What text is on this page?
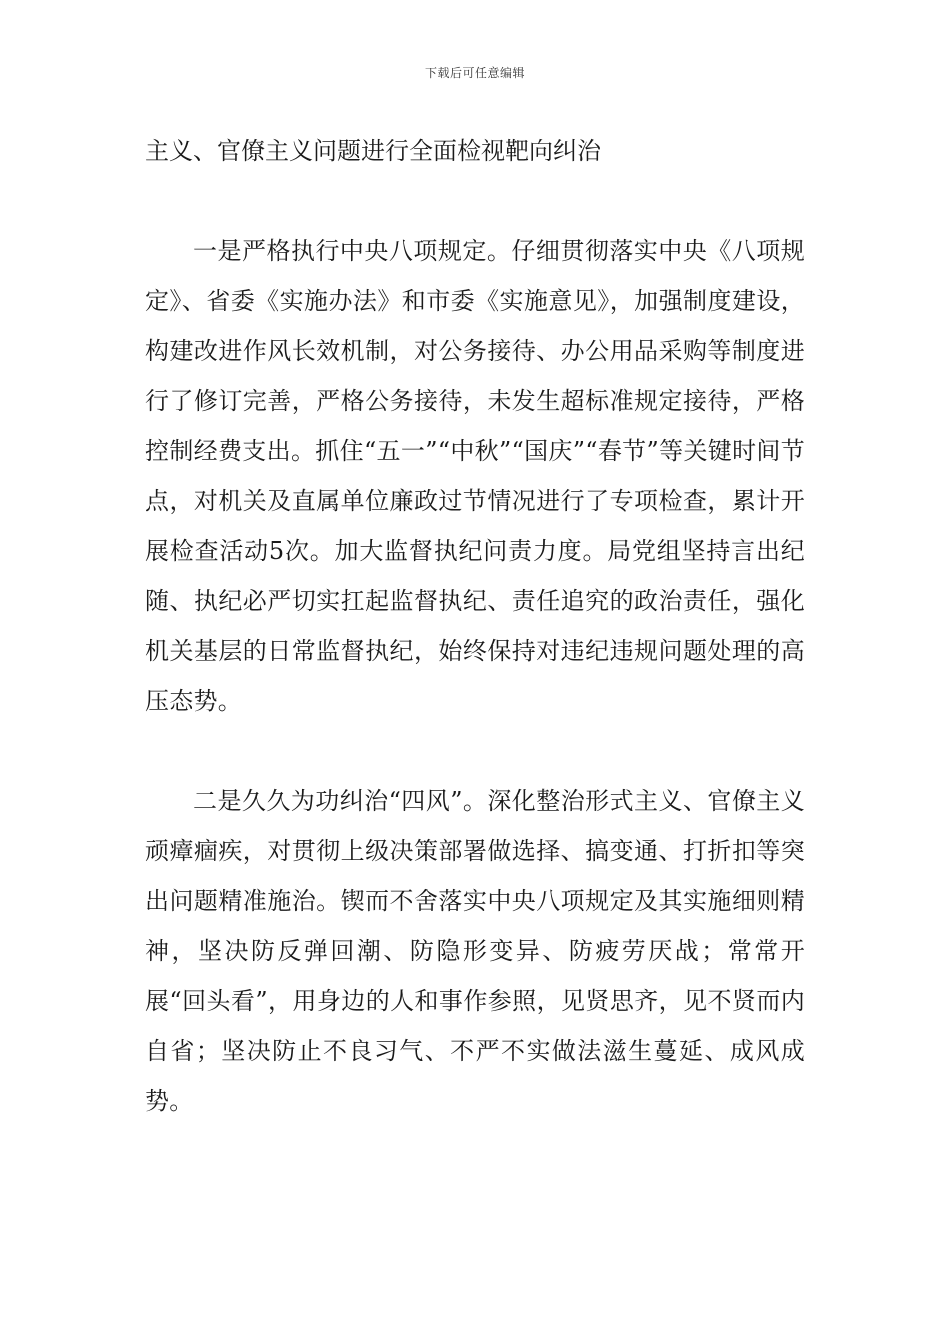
下载后可任意编辑

主义、官僚主义问题进行全面检视靶向纠治

一是严格执行中央八项规定。仔细贯彻落实中央《八项规定》、省委《实施办法》和市委《实施意见》，加强制度建设，构建改进作风长效机制，对公务接待、办公用品采购等制度进行了修订完善，严格公务接待，未发生超标准规定接待，严格控制经费支出。抓住“五一”“中秋”“国庆”“春节”等关键时间节点，对机关及直属单位廉政过节情况进行了专项检查，累计开展检查活动5次。加大监督执纪问责力度。局党组坚持言出纪随、执纪必严切实扛起监督执纪、责任追究的政治责任，强化机关基层的日常监督执纪，始终保持对违纪违规问题处理的高压态势。

二是久久为功纠治“四风”。深化整治形式主义、官僚主义顽瘴痼疾，对贯彻上级决策部署做选择、搞变通、打折扣等突出问题精准施治。锲而不舍落实中央八项规定及其实施细则精神，坚决防反弹回潮、防隐形变异、防疲劳厌战；常常开展“回头看”，用身边的人和事作参照，见贤思齐，见不贤而内自省；坚决防止不良习气、不严不实做法滋生蔓延、成风成势。
